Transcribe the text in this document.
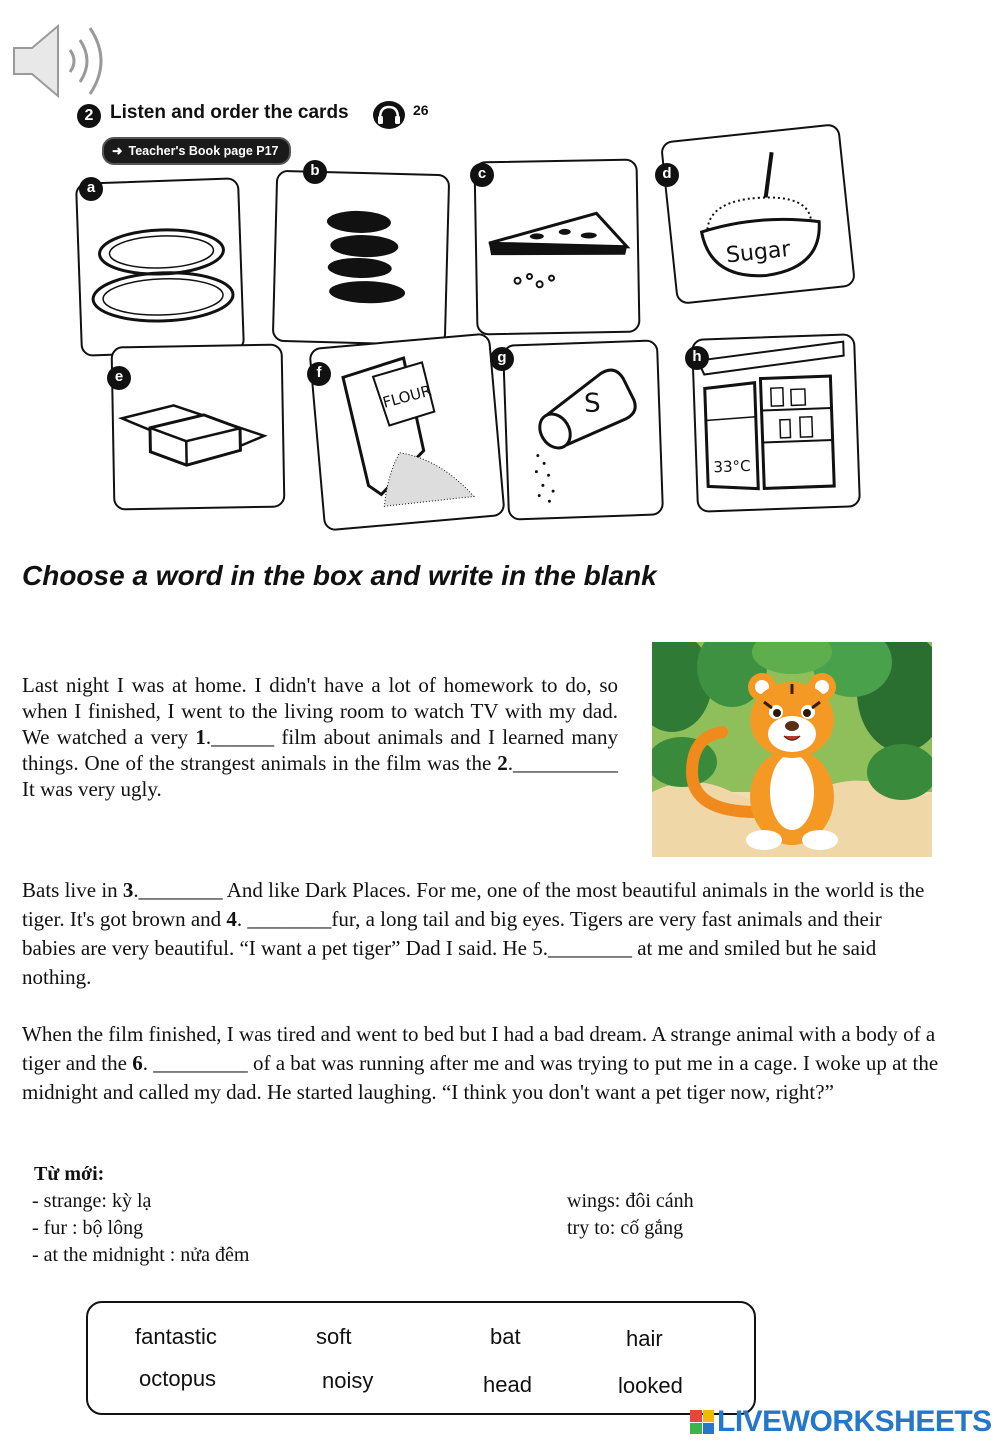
2 Listen and order the cards	26
➜ Teacher's Book page P17
a
b	c
Sugar
d
e
FLOUR
f
S
g
33°C
h
Choose a word in the box and write in the blank
Last night I was at home. I didn't have a lot of homework to do, so when I finished, I went to the living room to watch TV with my dad. We watched a very 1.______ film about animals and I learned many things. One of the strangest animals in the film was the 2.__________ It was very ugly.
Bats live in 3.________ And like Dark Places. For me, one of the most beautiful animals in the world is the tiger. It's got brown and 4. ________fur, a long tail and big eyes. Tigers are very fast animals and their babies are very beautiful. “I want a pet tiger” Dad I said. He 5.________ at me and smiled but he said nothing.
When the film finished, I was tired and went to bed but I had a bad dream. A strange animal with a body of a tiger and the 6. _________ of a bat was running after me and was trying to put me in a cage. I woke up at the midnight and called my dad. He started laughing. “I think you don't want a pet tiger now, right?”
Từ mới:
- strange: kỳ lạ
- fur : bộ lông
- at the midnight : nửa đêm
wings: đôi cánh
try to: cố gắng
fantastic	soft	bat	hair
octopus	noisy	head	looked
LIVEWORKSHEETS
